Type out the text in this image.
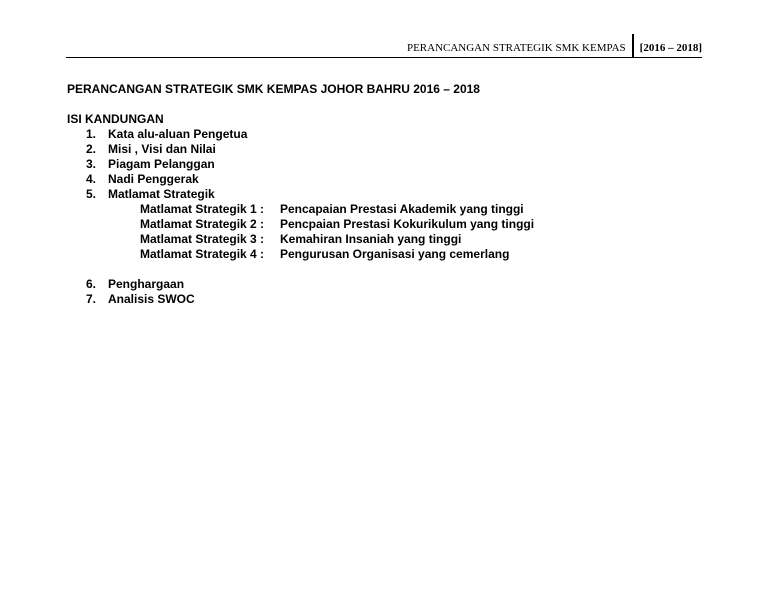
PERANCANGAN STRATEGIK SMK KEMPAS	[2016 – 2018]
PERANCANGAN STRATEGIK SMK KEMPAS JOHOR BAHRU 2016 – 2018
ISI KANDUNGAN
1. Kata alu-aluan Pengetua
2. Misi , Visi dan Nilai
3. Piagam Pelanggan
4. Nadi Penggerak
5. Matlamat Strategik
Matlamat Strategik 1 :	Pencapaian Prestasi Akademik yang tinggi
Matlamat Strategik 2 :	Pencpaian Prestasi Kokurikulum yang tinggi
Matlamat Strategik 3 :	Kemahiran Insaniah yang tinggi
Matlamat Strategik 4 :	Pengurusan Organisasi yang cemerlang
6. Penghargaan
7. Analisis SWOC
